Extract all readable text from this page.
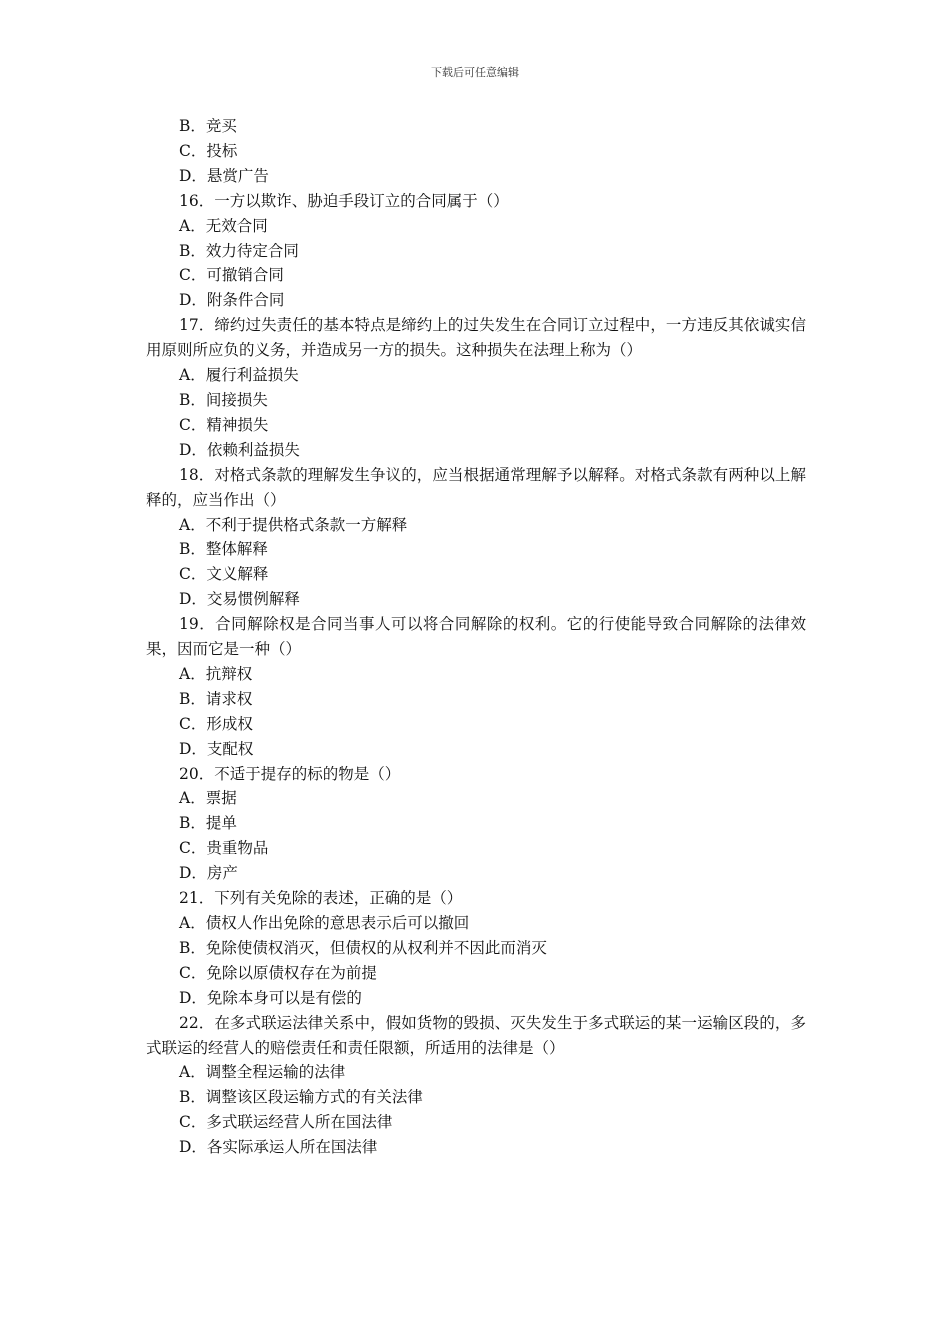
下载后可任意编辑
B．竞买
C．投标
D．悬赏广告
16．一方以欺诈、胁迫手段订立的合同属于（）
A．无效合同
B．效力待定合同
C．可撤销合同
D．附条件合同
17．缔约过失责任的基本特点是缔约上的过失发生在合同订立过程中，一方违反其依诚实信用原则所应负的义务，并造成另一方的损失。这种损失在法理上称为（）
A．履行利益损失
B．间接损失
C．精神损失
D．依赖利益损失
18．对格式条款的理解发生争议的，应当根据通常理解予以解释。对格式条款有两种以上解释的，应当作出（）
A．不利于提供格式条款一方解释
B．整体解释
C．文义解释
D．交易惯例解释
19．合同解除权是合同当事人可以将合同解除的权利。它的行使能导致合同解除的法律效果，因而它是一种（）
A．抗辩权
B．请求权
C．形成权
D．支配权
20．不适于提存的标的物是（）
A．票据
B．提单
C．贵重物品
D．房产
21．下列有关免除的表述，正确的是（）
A．债权人作出免除的意思表示后可以撤回
B．免除使债权消灭，但债权的从权利并不因此而消灭
C．免除以原债权存在为前提
D．免除本身可以是有偿的
22．在多式联运法律关系中，假如货物的毁损、灭失发生于多式联运的某一运输区段的，多式联运的经营人的赔偿责任和责任限额，所适用的法律是（）
A．调整全程运输的法律
B．调整该区段运输方式的有关法律
C．多式联运经营人所在国法律
D．各实际承运人所在国法律
